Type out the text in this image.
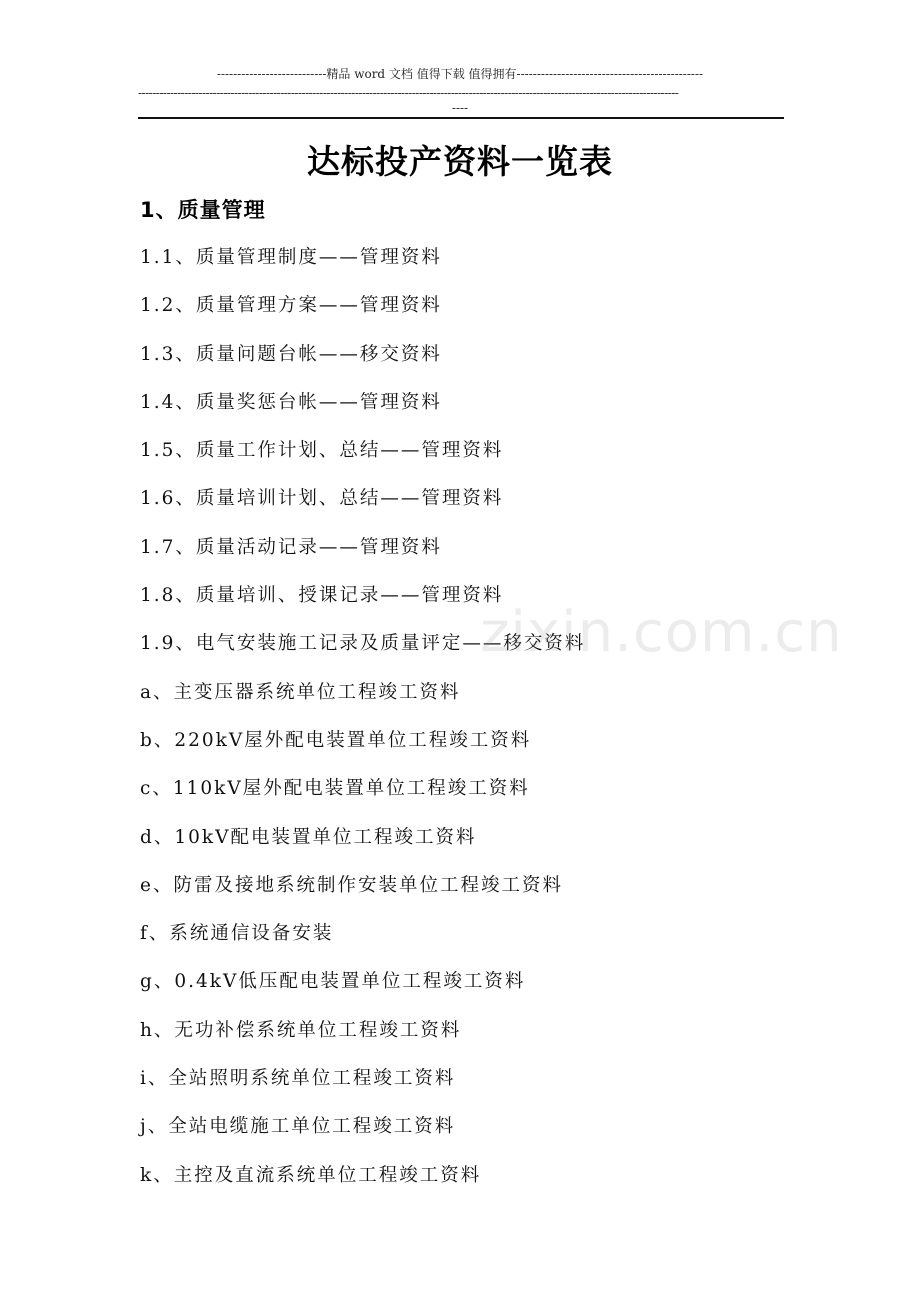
---------------------------精品 word 文档 值得下载 值得拥有----------------------------------------------
--------------------------------------------------------------------------------------------------------------------------------------------------------
----
达标投产资料一览表
1、质量管理
1.1、质量管理制度——管理资料
1.2、质量管理方案——管理资料
1.3、质量问题台帐——移交资料
1.4、质量奖惩台帐——管理资料
1.5、质量工作计划、总结——管理资料
1.6、质量培训计划、总结——管理资料
1.7、质量活动记录——管理资料
1.8、质量培训、授课记录——管理资料
1.9、电气安装施工记录及质量评定——移交资料
a、主变压器系统单位工程竣工资料
b、220kV屋外配电装置单位工程竣工资料
c、110kV屋外配电装置单位工程竣工资料
d、10kV配电装置单位工程竣工资料
e、防雷及接地系统制作安装单位工程竣工资料
f、系统通信设备安装
g、0.4kV低压配电装置单位工程竣工资料
h、无功补偿系统单位工程竣工资料
i、全站照明系统单位工程竣工资料
j、全站电缆施工单位工程竣工资料
k、主控及直流系统单位工程竣工资料
zixin.com.cn
